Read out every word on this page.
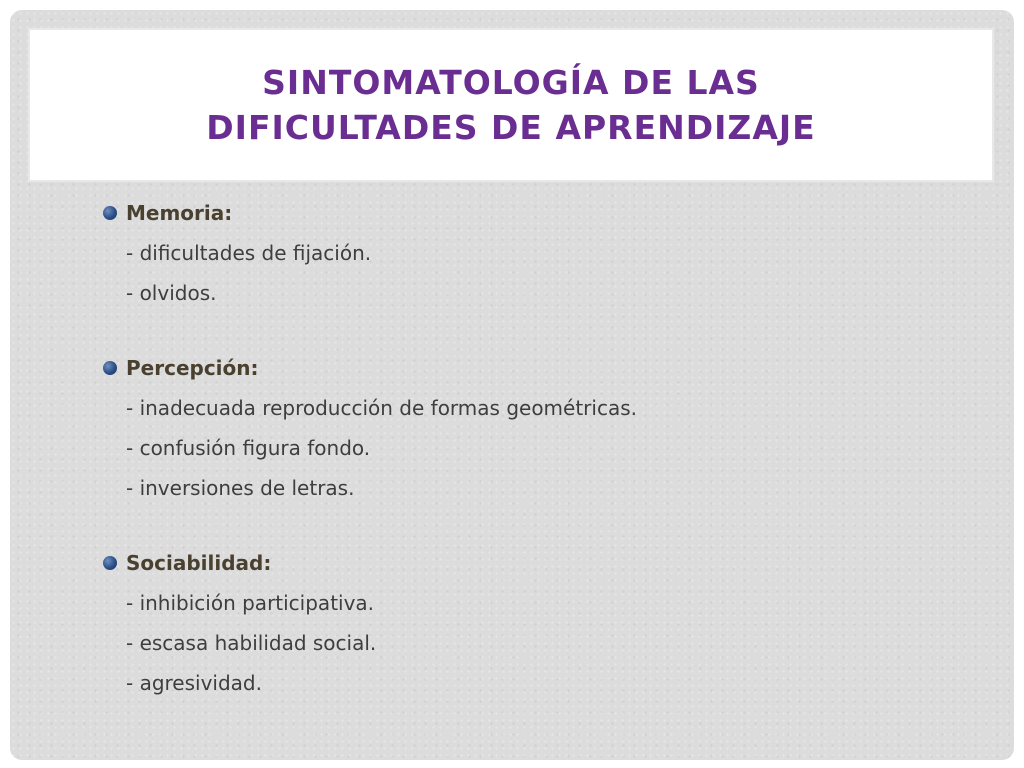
SINTOMATOLOGÍA DE LAS
DIFICULTADES DE APRENDIZAJE
Memoria:
- dificultades de fijación.
- olvidos.
Percepción:
- inadecuada reproducción de formas geométricas.
- confusión figura fondo.
- inversiones de letras.
Sociabilidad:
- inhibición participativa.
- escasa habilidad social.
- agresividad.
